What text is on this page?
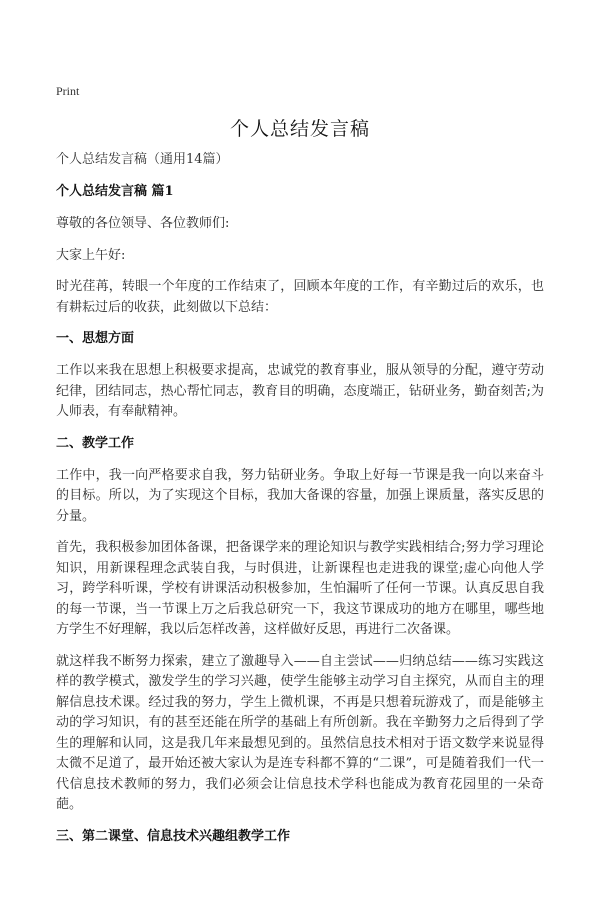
Print
个人总结发言稿
个人总结发言稿（通用14篇）
个人总结发言稿 篇1
尊敬的各位领导、各位教师们:
大家上午好:
时光荏苒，转眼一个年度的工作结束了，回顾本年度的工作，有辛勤过后的欢乐，也有耕耘过后的收获，此刻做以下总结：
一、思想方面
工作以来我在思想上积极要求提高，忠诚党的教育事业，服从领导的分配，遵守劳动纪律，团结同志，热心帮忙同志，教育目的明确，态度端正，钻研业务，勤奋刻苦;为人师表，有奉献精神。
二、教学工作
工作中，我一向严格要求自我，努力钻研业务。争取上好每一节课是我一向以来奋斗的目标。所以，为了实现这个目标，我加大备课的容量，加强上课质量，落实反思的分量。
首先，我积极参加团体备课，把备课学来的理论知识与教学实践相结合;努力学习理论知识，用新课程理念武装自我，与时俱进，让新课程也走进我的课堂;虚心向他人学习，跨学科听课，学校有讲课活动积极参加，生怕漏听了任何一节课。认真反思自我的每一节课，当一节课上万之后我总研究一下，我这节课成功的地方在哪里，哪些地方学生不好理解，我以后怎样改善，这样做好反思，再进行二次备课。
就这样我不断努力探索，建立了激趣导入——自主尝试——归纳总结——练习实践这样的教学模式，激发学生的学习兴趣，使学生能够主动学习自主探究，从而自主的理解信息技术课。经过我的努力，学生上微机课，不再是只想着玩游戏了，而是能够主动的学习知识，有的甚至还能在所学的基础上有所创新。我在辛勤努力之后得到了学生的理解和认同，这是我几年来最想见到的。虽然信息技术相对于语文数学来说显得太微不足道了，最开始还被大家认为是连专科都不算的“二课”，可是随着我们一代一代信息技术教师的努力，我们必须会让信息技术学科也能成为教育花园里的一朵奇葩。
三、第二课堂、信息技术兴趣组教学工作
